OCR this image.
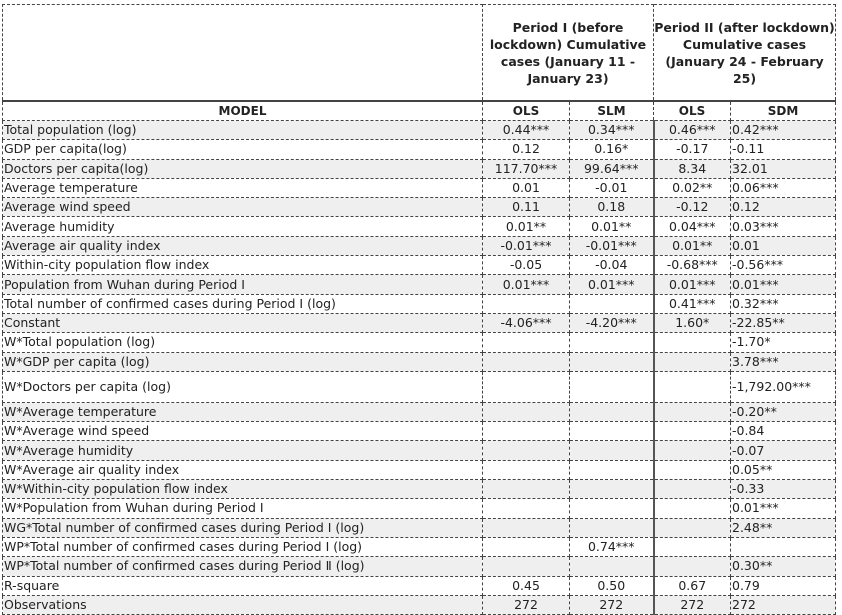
	Period I (before lockdown) Cumulative cases (January 11 - January 23)		Period II (after lockdown) Cumulative cases (January 24 - February 25)	
MODEL	OLS	SLM	OLS	SDM
Total population (log)	0.44***	0.34***	0.46***	0.42***
GDP per capita(log)	0.12	0.16*	-0.17	-0.11
Doctors per capita(log)	117.70***	99.64***	8.34	32.01
Average temperature	0.01	-0.01	0.02**	0.06***
Average wind speed	0.11	0.18	-0.12	0.12
Average humidity	0.01**	0.01**	0.04***	0.03***
Average air quality index	-0.01***	-0.01***	0.01**	0.01
Within-city population flow index	-0.05	-0.04	-0.68***	-0.56***
Population from Wuhan during Period Ⅰ	0.01***	0.01***	0.01***	0.01***
Total number of confirmed cases during Period Ⅰ (log)			0.41***	0.32***
Constant	-4.06***	-4.20***	1.60*	-22.85**
W*Total population (log)				-1.70*
W*GDP per capita (log)				3.78***
W*Doctors per capita (log)				-1,792.00***
W*Average temperature				-0.20**
W*Average wind speed				-0.84
W*Average humidity				-0.07
W*Average air quality index				0.05**
W*Within-city population flow index				-0.33
W*Population from Wuhan during Period Ⅰ				0.01***
WG*Total number of confirmed cases during Period Ⅰ (log)				2.48**
WP*Total number of confirmed cases during Period Ⅰ (log)		0.74***		
WP*Total number of confirmed cases during Period Ⅱ (log)				0.30**
R-square	0.45	0.50	0.67	0.79
Observations	272	272	272	272
